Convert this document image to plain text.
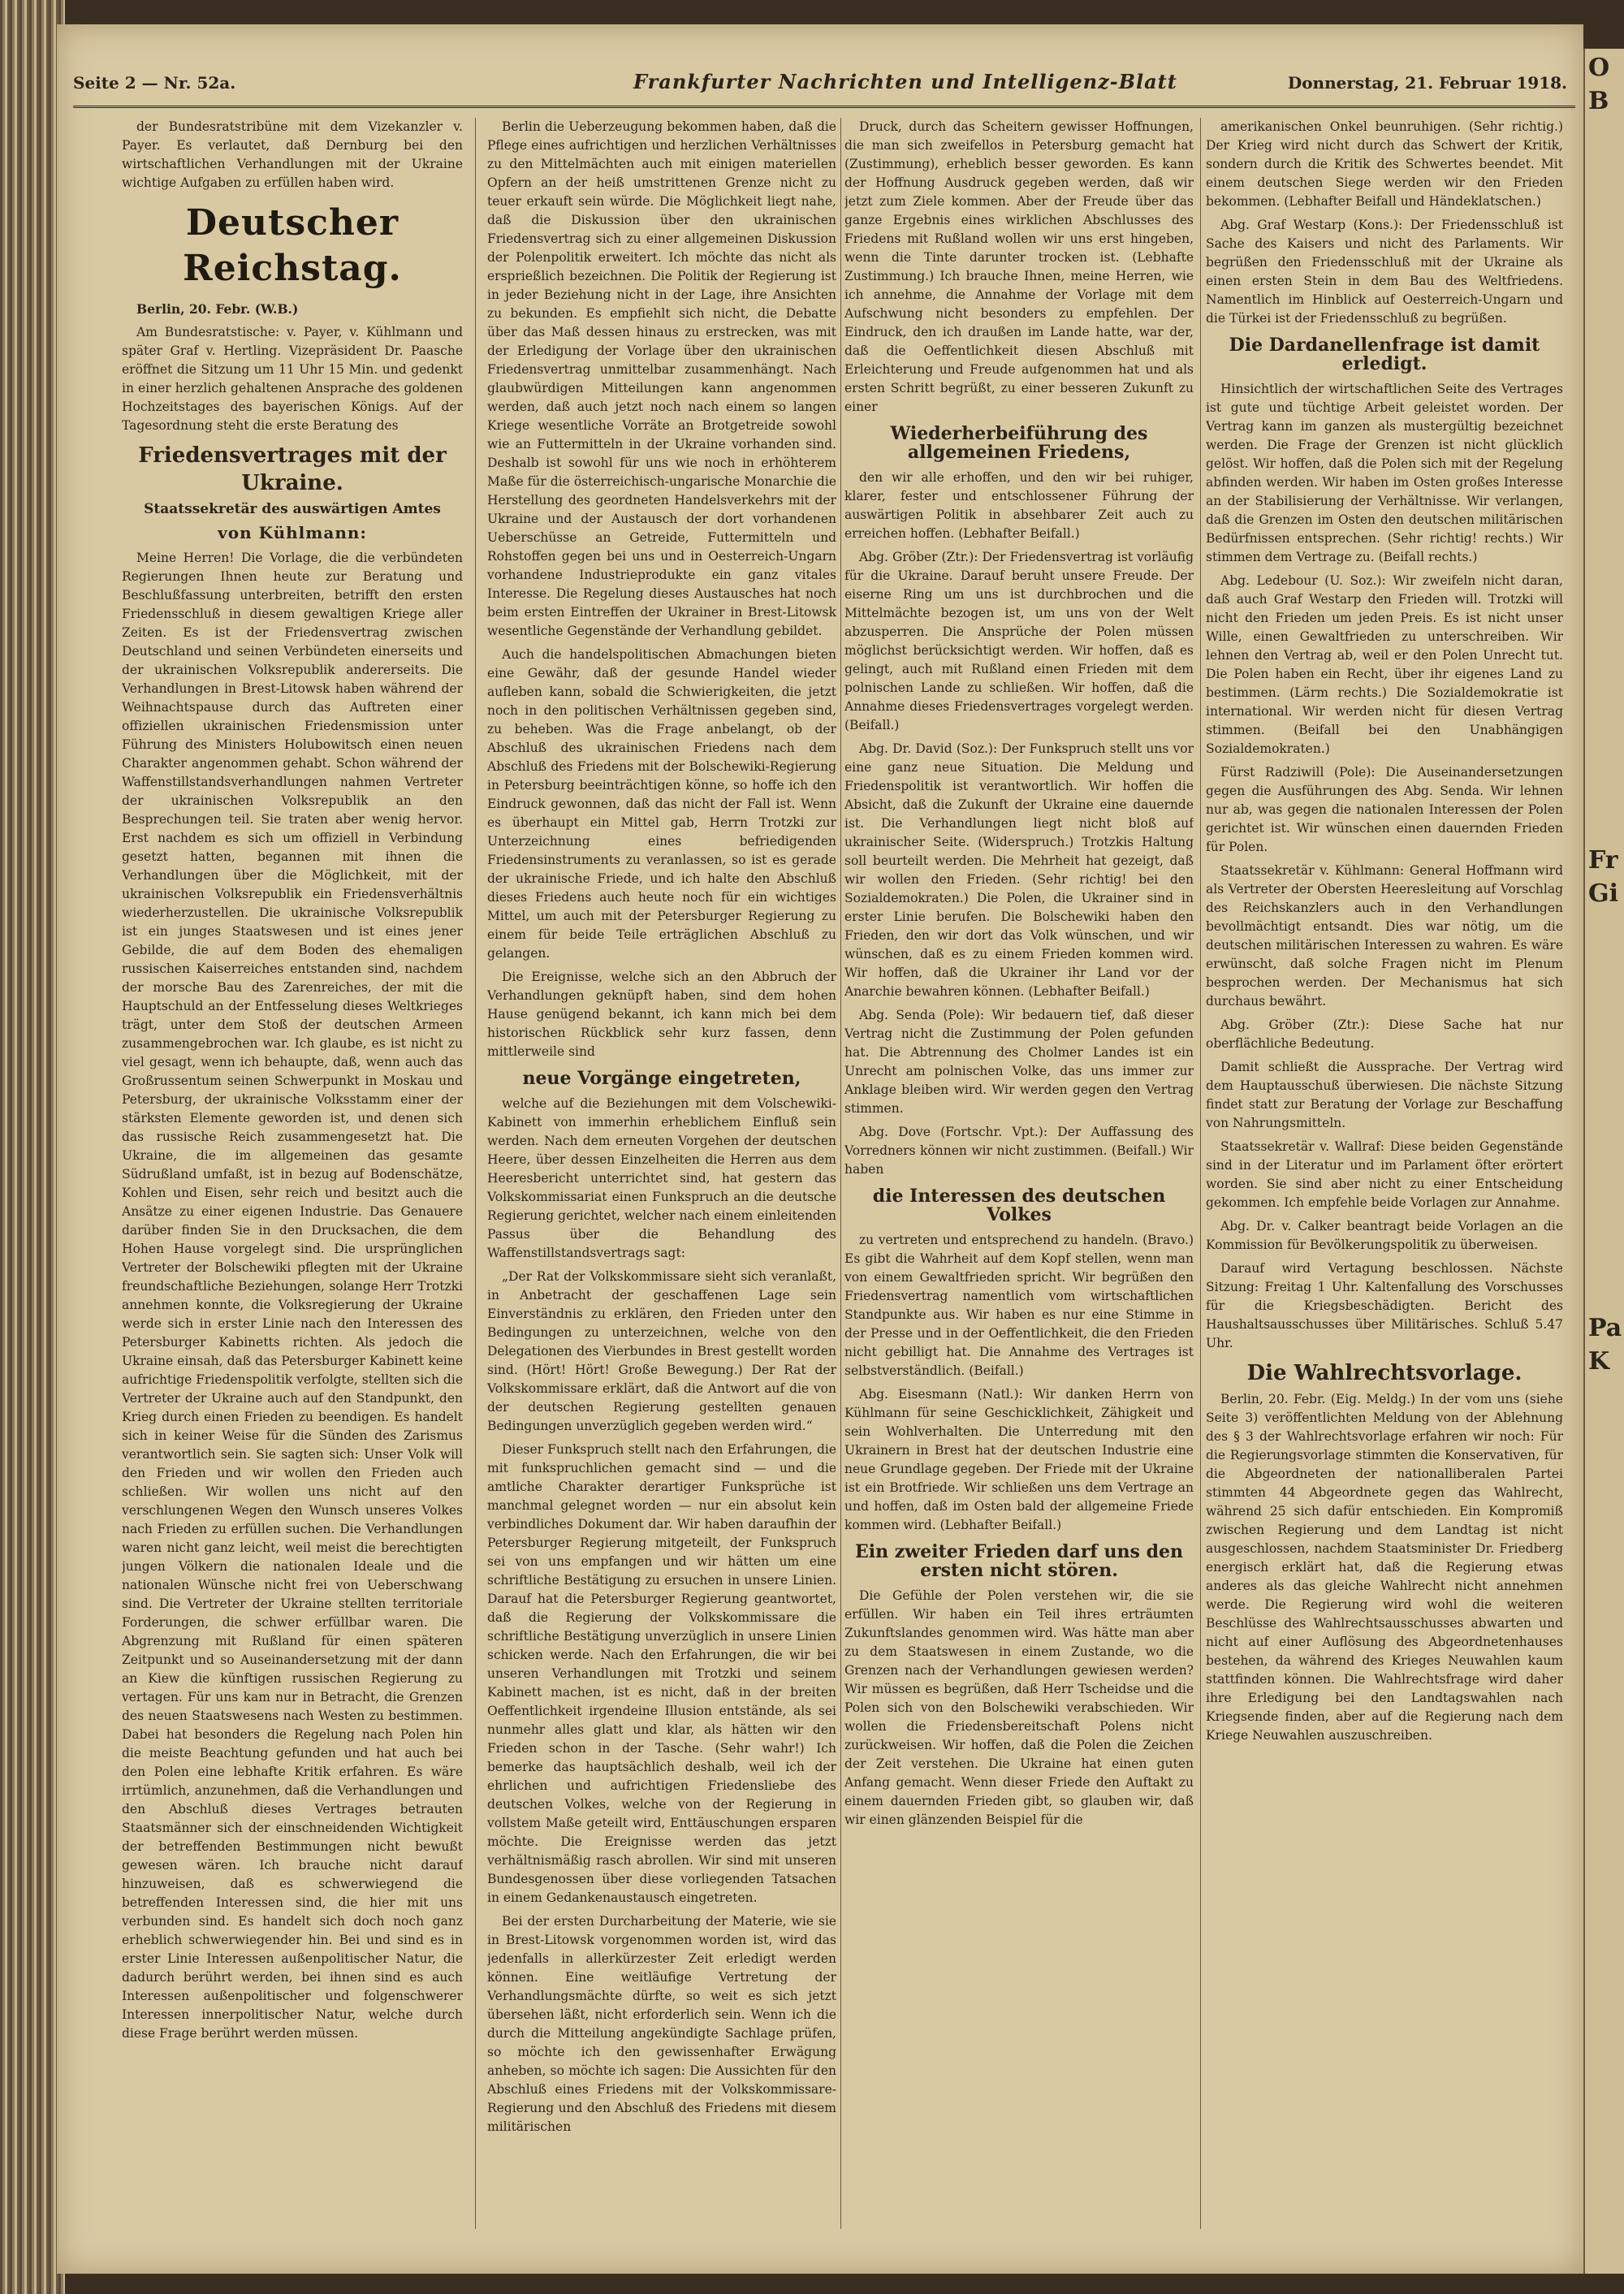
O
B
Fr
Gi
Pa
K
Seite 2 — Nr. 52a.	Frankfurter Nachrichten und Intelligenz-Blatt	Donnerstag, 21. Februar 1918.

der Bundesratstribüne mit dem Vizekanzler v. Payer. Es verlautet, daß Dernburg bei den wirtschaftlichen Verhandlungen mit der Ukraine wichtige Aufgaben zu erfüllen haben wird.

Deutscher Reichstag.

Berlin, 20. Febr. (W.B.)

Am Bundesratstische: v. Payer, v. Kühlmann und später Graf v. Hertling. Vizepräsident Dr. Paasche eröffnet die Sitzung um 11 Uhr 15 Min. und gedenkt in einer herzlich gehaltenen Ansprache des goldenen Hochzeitstages des bayerischen Königs. Auf der Tagesordnung steht die erste Beratung des

Friedensvertrages mit der Ukraine.
Staatssekretär des auswärtigen Amtes
von Kühlmann:

Meine Herren! Die Vorlage, die die verbündeten Regierungen Ihnen heute zur Beratung und Beschlußfassung unterbreiten, betrifft den ersten Friedensschluß in diesem gewaltigen Kriege aller Zeiten. Es ist der Friedensvertrag zwischen Deutschland und seinen Verbündeten einerseits und der ukrainischen Volksrepublik andererseits. Die Verhandlungen in Brest-Litowsk haben während der Weihnachtspause durch das Auftreten einer offiziellen ukrainischen Friedensmission unter Führung des Ministers Holubowitsch einen neuen Charakter angenommen gehabt. Schon während der Waffenstillstandsverhandlungen nahmen Vertreter der ukrainischen Volksrepublik an den Besprechungen teil. Sie traten aber wenig hervor. Erst nachdem es sich um offiziell in Verbindung gesetzt hatten, begannen mit ihnen die Verhandlungen über die Möglichkeit, mit der ukrainischen Volksrepublik ein Friedensverhältnis wiederherzustellen. Die ukrainische Volksrepublik ist ein junges Staatswesen und ist eines jener Gebilde, die auf dem Boden des ehemaligen russischen Kaiserreiches entstanden sind, nachdem der morsche Bau des Zarenreiches, der mit die Hauptschuld an der Entfesselung dieses Weltkrieges trägt, unter dem Stoß der deutschen Armeen zusammengebrochen war. Ich glaube, es ist nicht zu viel gesagt, wenn ich behaupte, daß, wenn auch das Großrussentum seinen Schwerpunkt in Moskau und Petersburg, der ukrainische Volksstamm einer der stärksten Elemente geworden ist, und denen sich das russische Reich zusammengesetzt hat. Die Ukraine, die im allgemeinen das gesamte Südrußland umfaßt, ist in bezug auf Bodenschätze, Kohlen und Eisen, sehr reich und besitzt auch die Ansätze zu einer eigenen Industrie. Das Genauere darüber finden Sie in den Drucksachen, die dem Hohen Hause vorgelegt sind. Die ursprünglichen Vertreter der Bolschewiki pflegten mit der Ukraine freundschaftliche Beziehungen, solange Herr Trotzki annehmen konnte, die Volksregierung der Ukraine werde sich in erster Linie nach den Interessen des Petersburger Kabinetts richten. Als jedoch die Ukraine einsah, daß das Petersburger Kabinett keine aufrichtige Friedenspolitik verfolgte, stellten sich die Vertreter der Ukraine auch auf den Standpunkt, den Krieg durch einen Frieden zu beendigen. Es handelt sich in keiner Weise für die Sünden des Zarismus verantwortlich sein. Sie sagten sich: Unser Volk will den Frieden und wir wollen den Frieden auch schließen. Wir wollen uns nicht auf den verschlungenen Wegen den Wunsch unseres Volkes nach Frieden zu erfüllen suchen. Die Verhandlungen waren nicht ganz leicht, weil meist die berechtigten jungen Völkern die nationalen Ideale und die nationalen Wünsche nicht frei von Ueberschwang sind. Die Vertreter der Ukraine stellten territoriale Forderungen, die schwer erfüllbar waren. Die Abgrenzung mit Rußland für einen späteren Zeitpunkt und so Auseinandersetzung mit der dann an Kiew die künftigen russischen Regierung zu vertagen. Für uns kam nur in Betracht, die Grenzen des neuen Staatswesens nach Westen zu bestimmen. Dabei hat besonders die Regelung nach Polen hin die meiste Beachtung gefunden und hat auch bei den Polen eine lebhafte Kritik erfahren. Es wäre irrtümlich, anzunehmen, daß die Verhandlungen und den Abschluß dieses Vertrages betrauten Staatsmänner sich der einschneidenden Wichtigkeit der betreffenden Bestimmungen nicht bewußt gewesen wären. Ich brauche nicht darauf hinzuweisen, daß es schwerwiegend die betreffenden Interessen sind, die hier mit uns verbunden sind. Es handelt sich doch noch ganz erheblich schwerwiegender hin. Bei und sind es in erster Linie Interessen außenpolitischer Natur, die dadurch berührt werden, bei ihnen sind es auch Interessen außenpolitischer und folgenschwerer Interessen innerpolitischer Natur, welche durch diese Frage berührt werden müssen.

Berlin die Ueberzeugung bekommen haben, daß die Pflege eines aufrichtigen und herzlichen Verhältnisses zu den Mittelmächten auch mit einigen materiellen Opfern an der heiß umstrittenen Grenze nicht zu teuer erkauft sein würde. Die Möglichkeit liegt nahe, daß die Diskussion über den ukrainischen Friedensvertrag sich zu einer allgemeinen Diskussion der Polenpolitik erweitert. Ich möchte das nicht als ersprießlich bezeichnen. Die Politik der Regierung ist in jeder Beziehung nicht in der Lage, ihre Ansichten zu bekunden. Es empfiehlt sich nicht, die Debatte über das Maß dessen hinaus zu erstrecken, was mit der Erledigung der Vorlage über den ukrainischen Friedensvertrag unmittelbar zusammenhängt. Nach glaubwürdigen Mitteilungen kann angenommen werden, daß auch jetzt noch nach einem so langen Kriege wesentliche Vorräte an Brotgetreide sowohl wie an Futtermitteln in der Ukraine vorhanden sind. Deshalb ist sowohl für uns wie noch in erhöhterem Maße für die österreichisch-ungarische Monarchie die Herstellung des geordneten Handelsverkehrs mit der Ukraine und der Austausch der dort vorhandenen Ueberschüsse an Getreide, Futtermitteln und Rohstoffen gegen bei uns und in Oesterreich-Ungarn vorhandene Industrieprodukte ein ganz vitales Interesse. Die Regelung dieses Austausches hat noch beim ersten Eintreffen der Ukrainer in Brest-Litowsk wesentliche Gegenstände der Verhandlung gebildet.

Auch die handelspolitischen Abmachungen bieten eine Gewähr, daß der gesunde Handel wieder aufleben kann, sobald die Schwierigkeiten, die jetzt noch in den politischen Verhältnissen gegeben sind, zu beheben. Was die Frage anbelangt, ob der Abschluß des ukrainischen Friedens nach dem Abschluß des Friedens mit der Bolschewiki-Regierung in Petersburg beeinträchtigen könne, so hoffe ich den Eindruck gewonnen, daß das nicht der Fall ist. Wenn es überhaupt ein Mittel gab, Herrn Trotzki zur Unterzeichnung eines befriedigenden Friedensinstruments zu veranlassen, so ist es gerade der ukrainische Friede, und ich halte den Abschluß dieses Friedens auch heute noch für ein wichtiges Mittel, um auch mit der Petersburger Regierung zu einem für beide Teile erträglichen Abschluß zu gelangen.

Die Ereignisse, welche sich an den Abbruch der Verhandlungen geknüpft haben, sind dem hohen Hause genügend bekannt, ich kann mich bei dem historischen Rückblick sehr kurz fassen, denn mittlerweile sind

neue Vorgänge eingetreten,

welche auf die Beziehungen mit dem Volschewiki-Kabinett von immerhin erheblichem Einfluß sein werden. Nach dem erneuten Vorgehen der deutschen Heere, über dessen Einzelheiten die Herren aus dem Heeresbericht unterrichtet sind, hat gestern das Volkskommissariat einen Funkspruch an die deutsche Regierung gerichtet, welcher nach einem einleitenden Passus über die Behandlung des Waffenstillstandsvertrags sagt:

„Der Rat der Volkskommissare sieht sich veranlaßt, in Anbetracht der geschaffenen Lage sein Einverständnis zu erklären, den Frieden unter den Bedingungen zu unterzeichnen, welche von den Delegationen des Vierbundes in Brest gestellt worden sind. (Hört! Hört! Große Bewegung.) Der Rat der Volkskommissare erklärt, daß die Antwort auf die von der deutschen Regierung gestellten genauen Bedingungen unverzüglich gegeben werden wird.“

Dieser Funkspruch stellt nach den Erfahrungen, die mit funkspruchlichen gemacht sind — und die amtliche Charakter derartiger Funksprüche ist manchmal gelegnet worden — nur ein absolut kein verbindliches Dokument dar. Wir haben daraufhin der Petersburger Regierung mitgeteilt, der Funkspruch sei von uns empfangen und wir hätten um eine schriftliche Bestätigung zu ersuchen in unsere Linien. Darauf hat die Petersburger Regierung geantwortet, daß die Regierung der Volkskommissare die schriftliche Bestätigung unverzüglich in unsere Linien schicken werde. Nach den Erfahrungen, die wir bei unseren Verhandlungen mit Trotzki und seinem Kabinett machen, ist es nicht, daß in der breiten Oeffentlichkeit irgendeine Illusion entstände, als sei nunmehr alles glatt und klar, als hätten wir den Frieden schon in der Tasche. (Sehr wahr!) Ich bemerke das hauptsächlich deshalb, weil ich der ehrlichen und aufrichtigen Friedensliebe des deutschen Volkes, welche von der Regierung in vollstem Maße geteilt wird, Enttäuschungen ersparen möchte. Die Ereignisse werden das jetzt verhältnismäßig rasch abrollen. Wir sind mit unseren Bundesgenossen über diese vorliegenden Tatsachen in einem Gedankenaustausch eingetreten.

Bei der ersten Durcharbeitung der Materie, wie sie in Brest-Litowsk vorgenommen worden ist, wird das jedenfalls in allerkürzester Zeit erledigt werden können. Eine weitläufige Vertretung der Verhandlungsmächte dürfte, so weit es sich jetzt übersehen läßt, nicht erforderlich sein. Wenn ich die durch die Mitteilung angekündigte Sachlage prüfen, so möchte ich den gewissenhafter Erwägung anheben, so möchte ich sagen: Die Aussichten für den Abschluß eines Friedens mit der Volkskommissare-Regierung und den Abschluß des Friedens mit diesem militärischen

Druck, durch das Scheitern gewisser Hoffnungen, die man sich zweifellos in Petersburg gemacht hat (Zustimmung), erheblich besser geworden. Es kann der Hoffnung Ausdruck gegeben werden, daß wir jetzt zum Ziele kommen. Aber der Freude über das ganze Ergebnis eines wirklichen Abschlusses des Friedens mit Rußland wollen wir uns erst hingeben, wenn die Tinte darunter trocken ist. (Lebhafte Zustimmung.) Ich brauche Ihnen, meine Herren, wie ich annehme, die Annahme der Vorlage mit dem Aufschwung nicht besonders zu empfehlen. Der Eindruck, den ich draußen im Lande hatte, war der, daß die Oeffentlichkeit diesen Abschluß mit Erleichterung und Freude aufgenommen hat und als ersten Schritt begrüßt, zu einer besseren Zukunft zu einer

Wiederherbeiführung des allgemeinen Friedens,

den wir alle erhoffen, und den wir bei ruhiger, klarer, fester und entschlossener Führung der auswärtigen Politik in absehbarer Zeit auch zu erreichen hoffen. (Lebhafter Beifall.)

Abg. Gröber (Ztr.): Der Friedensvertrag ist vorläufig für die Ukraine. Darauf beruht unsere Freude. Der eiserne Ring um uns ist durchbrochen und die Mittelmächte bezogen ist, um uns von der Welt abzusperren. Die Ansprüche der Polen müssen möglichst berücksichtigt werden. Wir hoffen, daß es gelingt, auch mit Rußland einen Frieden mit dem polnischen Lande zu schließen. Wir hoffen, daß die Annahme dieses Friedensvertrages vorgelegt werden. (Beifall.)

Abg. Dr. David (Soz.): Der Funkspruch stellt uns vor eine ganz neue Situation. Die Meldung und Friedenspolitik ist verantwortlich. Wir hoffen die Absicht, daß die Zukunft der Ukraine eine dauernde ist. Die Verhandlungen liegt nicht bloß auf ukrainischer Seite. (Widerspruch.) Trotzkis Haltung soll beurteilt werden. Die Mehrheit hat gezeigt, daß wir wollen den Frieden. (Sehr richtig! bei den Sozialdemokraten.) Die Polen, die Ukrainer sind in erster Linie berufen. Die Bolschewiki haben den Frieden, den wir dort das Volk wünschen, und wir wünschen, daß es zu einem Frieden kommen wird. Wir hoffen, daß die Ukrainer ihr Land vor der Anarchie bewahren können. (Lebhafter Beifall.)

Abg. Senda (Pole): Wir bedauern tief, daß dieser Vertrag nicht die Zustimmung der Polen gefunden hat. Die Abtrennung des Cholmer Landes ist ein Unrecht am polnischen Volke, das uns immer zur Anklage bleiben wird. Wir werden gegen den Vertrag stimmen.

Abg. Dove (Fortschr. Vpt.): Der Auffassung des Vorredners können wir nicht zustimmen. (Beifall.) Wir haben

die Interessen des deutschen Volkes

zu vertreten und entsprechend zu handeln. (Bravo.) Es gibt die Wahrheit auf dem Kopf stellen, wenn man von einem Gewaltfrieden spricht. Wir begrüßen den Friedensvertrag namentlich vom wirtschaftlichen Standpunkte aus. Wir haben es nur eine Stimme in der Presse und in der Oeffentlichkeit, die den Frieden nicht gebilligt hat. Die Annahme des Vertrages ist selbstverständlich. (Beifall.)

Abg. Eisesmann (Natl.): Wir danken Herrn von Kühlmann für seine Geschicklichkeit, Zähigkeit und sein Wohlverhalten. Die Unterredung mit den Ukrainern in Brest hat der deutschen Industrie eine neue Grundlage gegeben. Der Friede mit der Ukraine ist ein Brotfriede. Wir schließen uns dem Vertrage an und hoffen, daß im Osten bald der allgemeine Friede kommen wird. (Lebhafter Beifall.)

Ein zweiter Frieden darf uns den ersten nicht stören.

Die Gefühle der Polen verstehen wir, die sie erfüllen. Wir haben ein Teil ihres erträumten Zukunftslandes genommen wird. Was hätte man aber zu dem Staatswesen in einem Zustande, wo die Grenzen nach der Verhandlungen gewiesen werden? Wir müssen es begrüßen, daß Herr Tscheidse und die Polen sich von den Bolschewiki verabschieden. Wir wollen die Friedensbereitschaft Polens nicht zurückweisen. Wir hoffen, daß die Polen die Zeichen der Zeit verstehen. Die Ukraine hat einen guten Anfang gemacht. Wenn dieser Friede den Auftakt zu einem dauernden Frieden gibt, so glauben wir, daß wir einen glänzenden Beispiel für die

amerikanischen Onkel beunruhigen. (Sehr richtig.) Der Krieg wird nicht durch das Schwert der Kritik, sondern durch die Kritik des Schwertes beendet. Mit einem deutschen Siege werden wir den Frieden bekommen. (Lebhafter Beifall und Händeklatschen.)

Abg. Graf Westarp (Kons.): Der Friedensschluß ist Sache des Kaisers und nicht des Parlaments. Wir begrüßen den Friedensschluß mit der Ukraine als einen ersten Stein in dem Bau des Weltfriedens. Namentlich im Hinblick auf Oesterreich-Ungarn und die Türkei ist der Friedensschluß zu begrüßen.

Die Dardanellenfrage ist damit erledigt.

Hinsichtlich der wirtschaftlichen Seite des Vertrages ist gute und tüchtige Arbeit geleistet worden. Der Vertrag kann im ganzen als mustergültig bezeichnet werden. Die Frage der Grenzen ist nicht glücklich gelöst. Wir hoffen, daß die Polen sich mit der Regelung abfinden werden. Wir haben im Osten großes Interesse an der Stabilisierung der Verhältnisse. Wir verlangen, daß die Grenzen im Osten den deutschen militärischen Bedürfnissen entsprechen. (Sehr richtig! rechts.) Wir stimmen dem Vertrage zu. (Beifall rechts.)

Abg. Ledebour (U. Soz.): Wir zweifeln nicht daran, daß auch Graf Westarp den Frieden will. Trotzki will nicht den Frieden um jeden Preis. Es ist nicht unser Wille, einen Gewaltfrieden zu unterschreiben. Wir lehnen den Vertrag ab, weil er den Polen Unrecht tut. Die Polen haben ein Recht, über ihr eigenes Land zu bestimmen. (Lärm rechts.) Die Sozialdemokratie ist international. Wir werden nicht für diesen Vertrag stimmen. (Beifall bei den Unabhängigen Sozialdemokraten.)

Fürst Radziwill (Pole): Die Auseinandersetzungen gegen die Ausführungen des Abg. Senda. Wir lehnen nur ab, was gegen die nationalen Interessen der Polen gerichtet ist. Wir wünschen einen dauernden Frieden für Polen.

Staatssekretär v. Kühlmann: General Hoffmann wird als Vertreter der Obersten Heeresleitung auf Vorschlag des Reichskanzlers auch in den Verhandlungen bevollmächtigt entsandt. Dies war nötig, um die deutschen militärischen Interessen zu wahren. Es wäre erwünscht, daß solche Fragen nicht im Plenum besprochen werden. Der Mechanismus hat sich durchaus bewährt.

Abg. Gröber (Ztr.): Diese Sache hat nur oberflächliche Bedeutung.

Damit schließt die Aussprache. Der Vertrag wird dem Hauptausschuß überwiesen. Die nächste Sitzung findet statt zur Beratung der Vorlage zur Beschaffung von Nahrungsmitteln.

Staatssekretär v. Wallraf: Diese beiden Gegenstände sind in der Literatur und im Parlament öfter erörtert worden. Sie sind aber nicht zu einer Entscheidung gekommen. Ich empfehle beide Vorlagen zur Annahme.

Abg. Dr. v. Calker beantragt beide Vorlagen an die Kommission für Bevölkerungspolitik zu überweisen.

Darauf wird Vertagung beschlossen. Nächste Sitzung: Freitag 1 Uhr. Kaltenfallung des Vorschusses für die Kriegsbeschädigten. Bericht des Haushaltsausschusses über Militärisches. Schluß 5.47 Uhr.

Die Wahlrechtsvorlage.

Berlin, 20. Febr. (Eig. Meldg.) In der vom uns (siehe Seite 3) veröffentlichten Meldung von der Ablehnung des § 3 der Wahlrechtsvorlage erfahren wir noch: Für die Regierungsvorlage stimmten die Konservativen, für die Abgeordneten der nationalliberalen Partei stimmten 44 Abgeordnete gegen das Wahlrecht, während 25 sich dafür entschieden. Ein Kompromiß zwischen Regierung und dem Landtag ist nicht ausgeschlossen, nachdem Staatsminister Dr. Friedberg energisch erklärt hat, daß die Regierung etwas anderes als das gleiche Wahlrecht nicht annehmen werde. Die Regierung wird wohl die weiteren Beschlüsse des Wahlrechtsausschusses abwarten und nicht auf einer Auflösung des Abgeordnetenhauses bestehen, da während des Krieges Neuwahlen kaum stattfinden können. Die Wahlrechtsfrage wird daher ihre Erledigung bei den Landtagswahlen nach Kriegsende finden, aber auf die Regierung nach dem Kriege Neuwahlen auszuschreiben.
